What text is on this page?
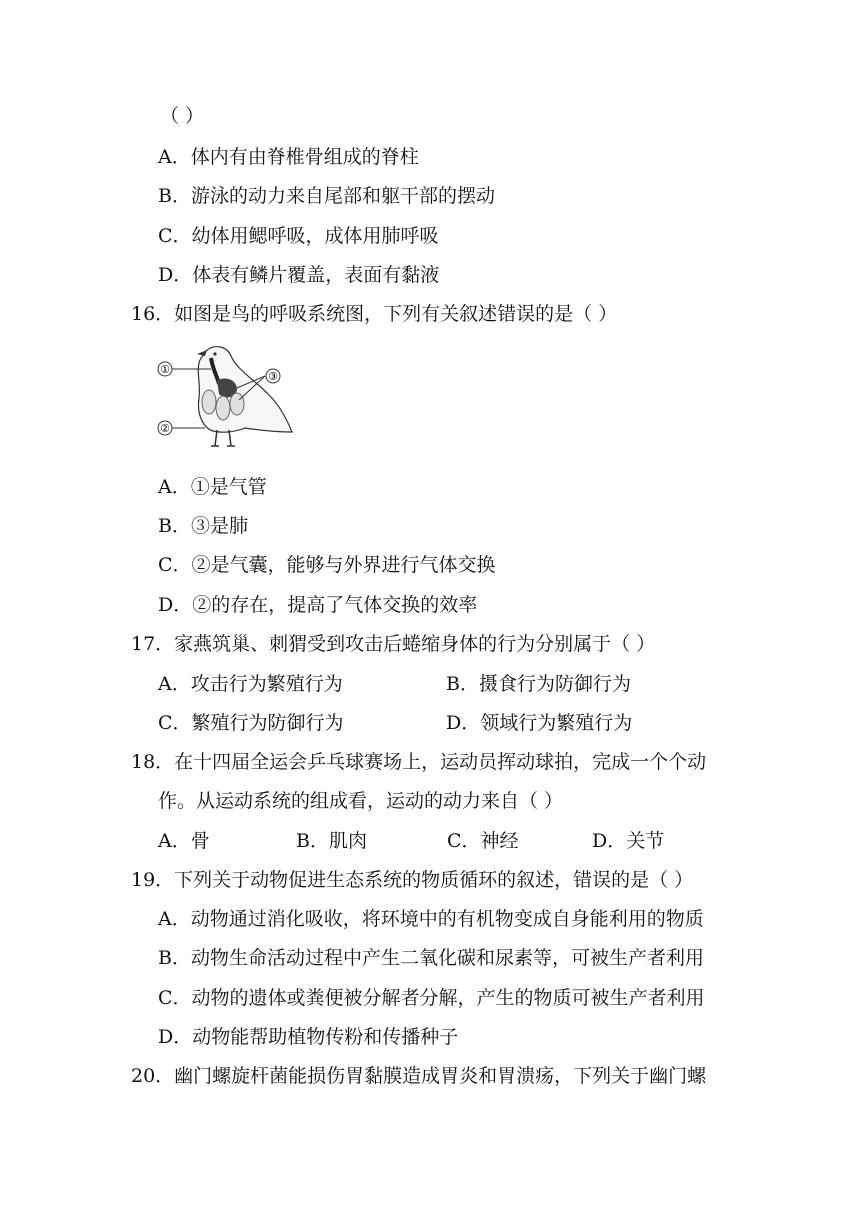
（ ）
A．体内有由脊椎骨组成的脊柱
B．游泳的动力来自尾部和躯干部的摆动
C．幼体用鳃呼吸，成体用肺呼吸
D．体表有鳞片覆盖，表面有黏液
16．如图是鸟的呼吸系统图，下列有关叙述错误的是（ ）
①
②
③
A．①是气管
B．③是肺
C．②是气囊，能够与外界进行气体交换
D．②的存在，提高了气体交换的效率
17．家燕筑巢、刺猬受到攻击后蜷缩身体的行为分别属于（ ）
A．攻击行为繁殖行为	B．摄食行为防御行为
C．繁殖行为防御行为	D．领域行为繁殖行为
18．在十四届全运会乒乓球赛场上，运动员挥动球拍，完成一个个动
作。从运动系统的组成看，运动的动力来自（ ）
A．骨	B．肌肉	C．神经	D．关节
19．下列关于动物促进生态系统的物质循环的叙述，错误的是（ ）
A．动物通过消化吸收，将环境中的有机物变成自身能利用的物质
B．动物生命活动过程中产生二氧化碳和尿素等，可被生产者利用
C．动物的遗体或粪便被分解者分解，产生的物质可被生产者利用
D．动物能帮助植物传粉和传播种子
20．幽门螺旋杆菌能损伤胃黏膜造成胃炎和胃溃疡，下列关于幽门螺
